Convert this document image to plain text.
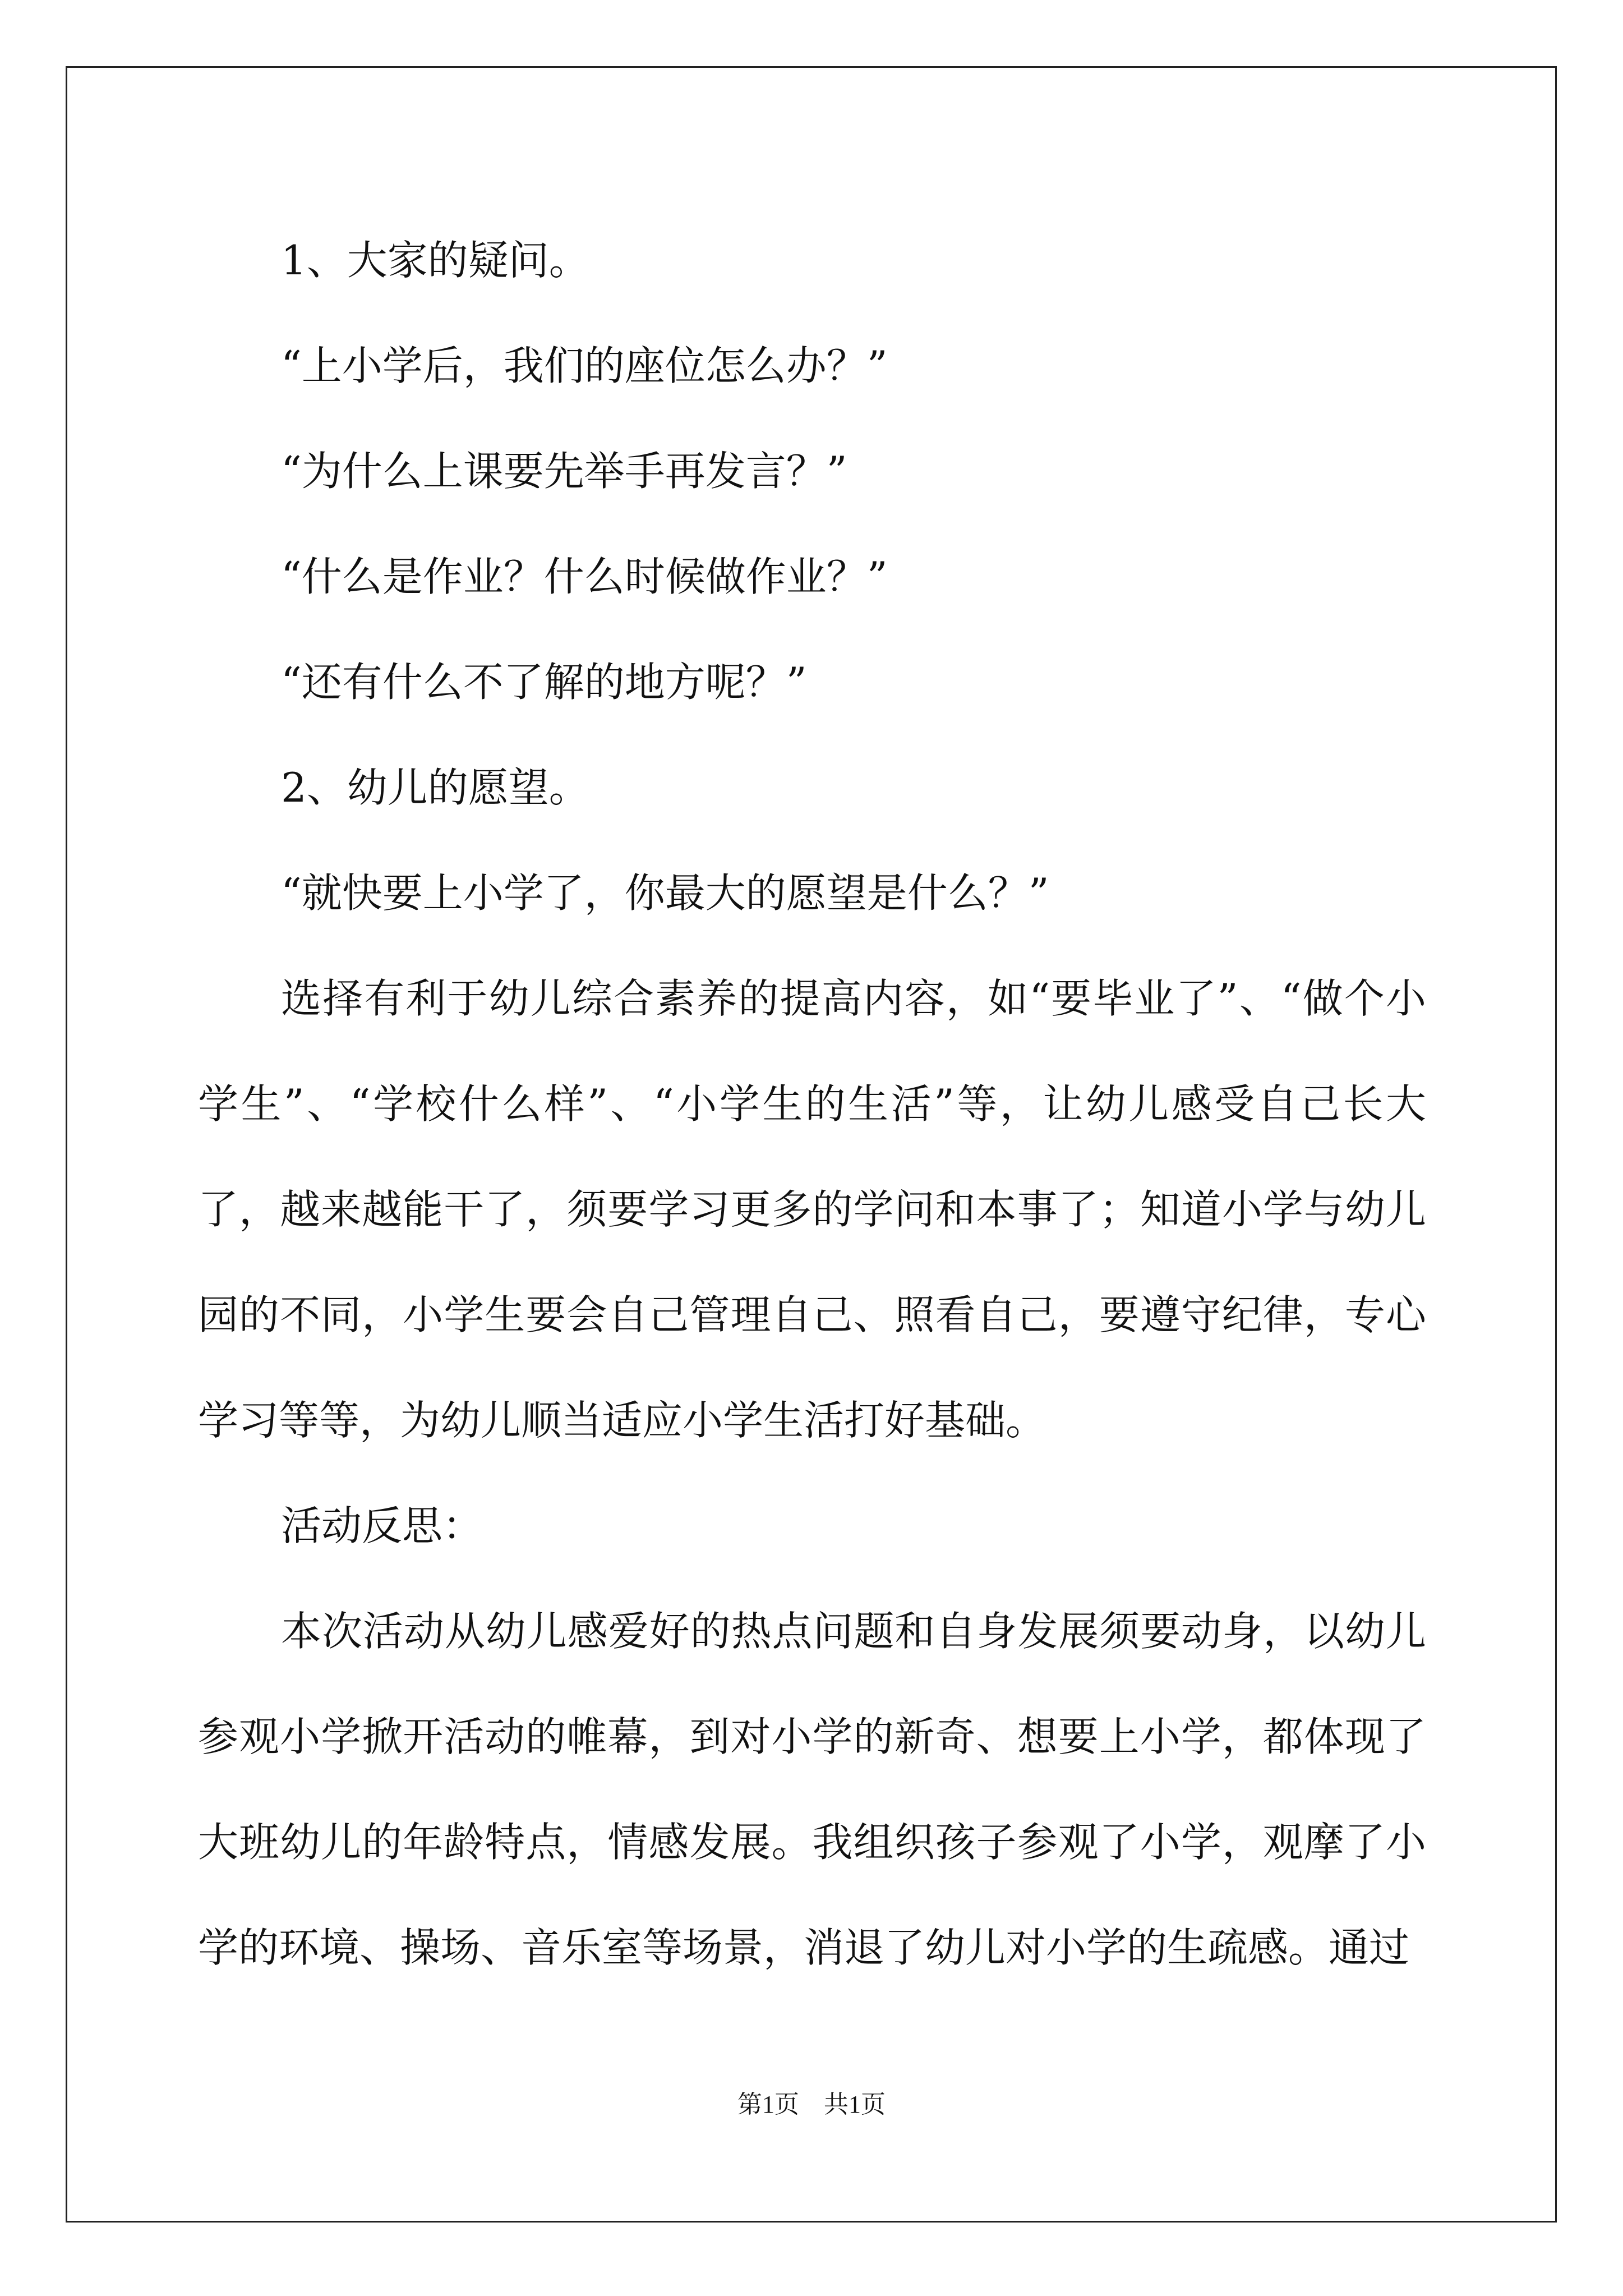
1、大家的疑问。

“上小学后，我们的座位怎么办？”

“为什么上课要先举手再发言？”

“什么是作业？什么时候做作业？”

“还有什么不了解的地方呢？”

2、幼儿的愿望。

“就快要上小学了，你最大的愿望是什么？”

选择有利于幼儿综合素养的提高内容，如“要毕业了”、“做个小学生”、“学校什么样”、“小学生的生活”等，让幼儿感受自己长大了，越来越能干了，须要学习更多的学问和本事了；知道小学与幼儿园的不同，小学生要会自己管理自己、照看自己，要遵守纪律，专心学习等等，为幼儿顺当适应小学生活打好基础。

活动反思：

本次活动从幼儿感爱好的热点问题和自身发展须要动身，以幼儿参观小学掀开活动的帷幕，到对小学的新奇、想要上小学，都体现了大班幼儿的年龄特点，情感发展。我组织孩子参观了小学，观摩了小学的环境、操场、音乐室等场景，消退了幼儿对小学的生疏感。通过

第1页　共1页
